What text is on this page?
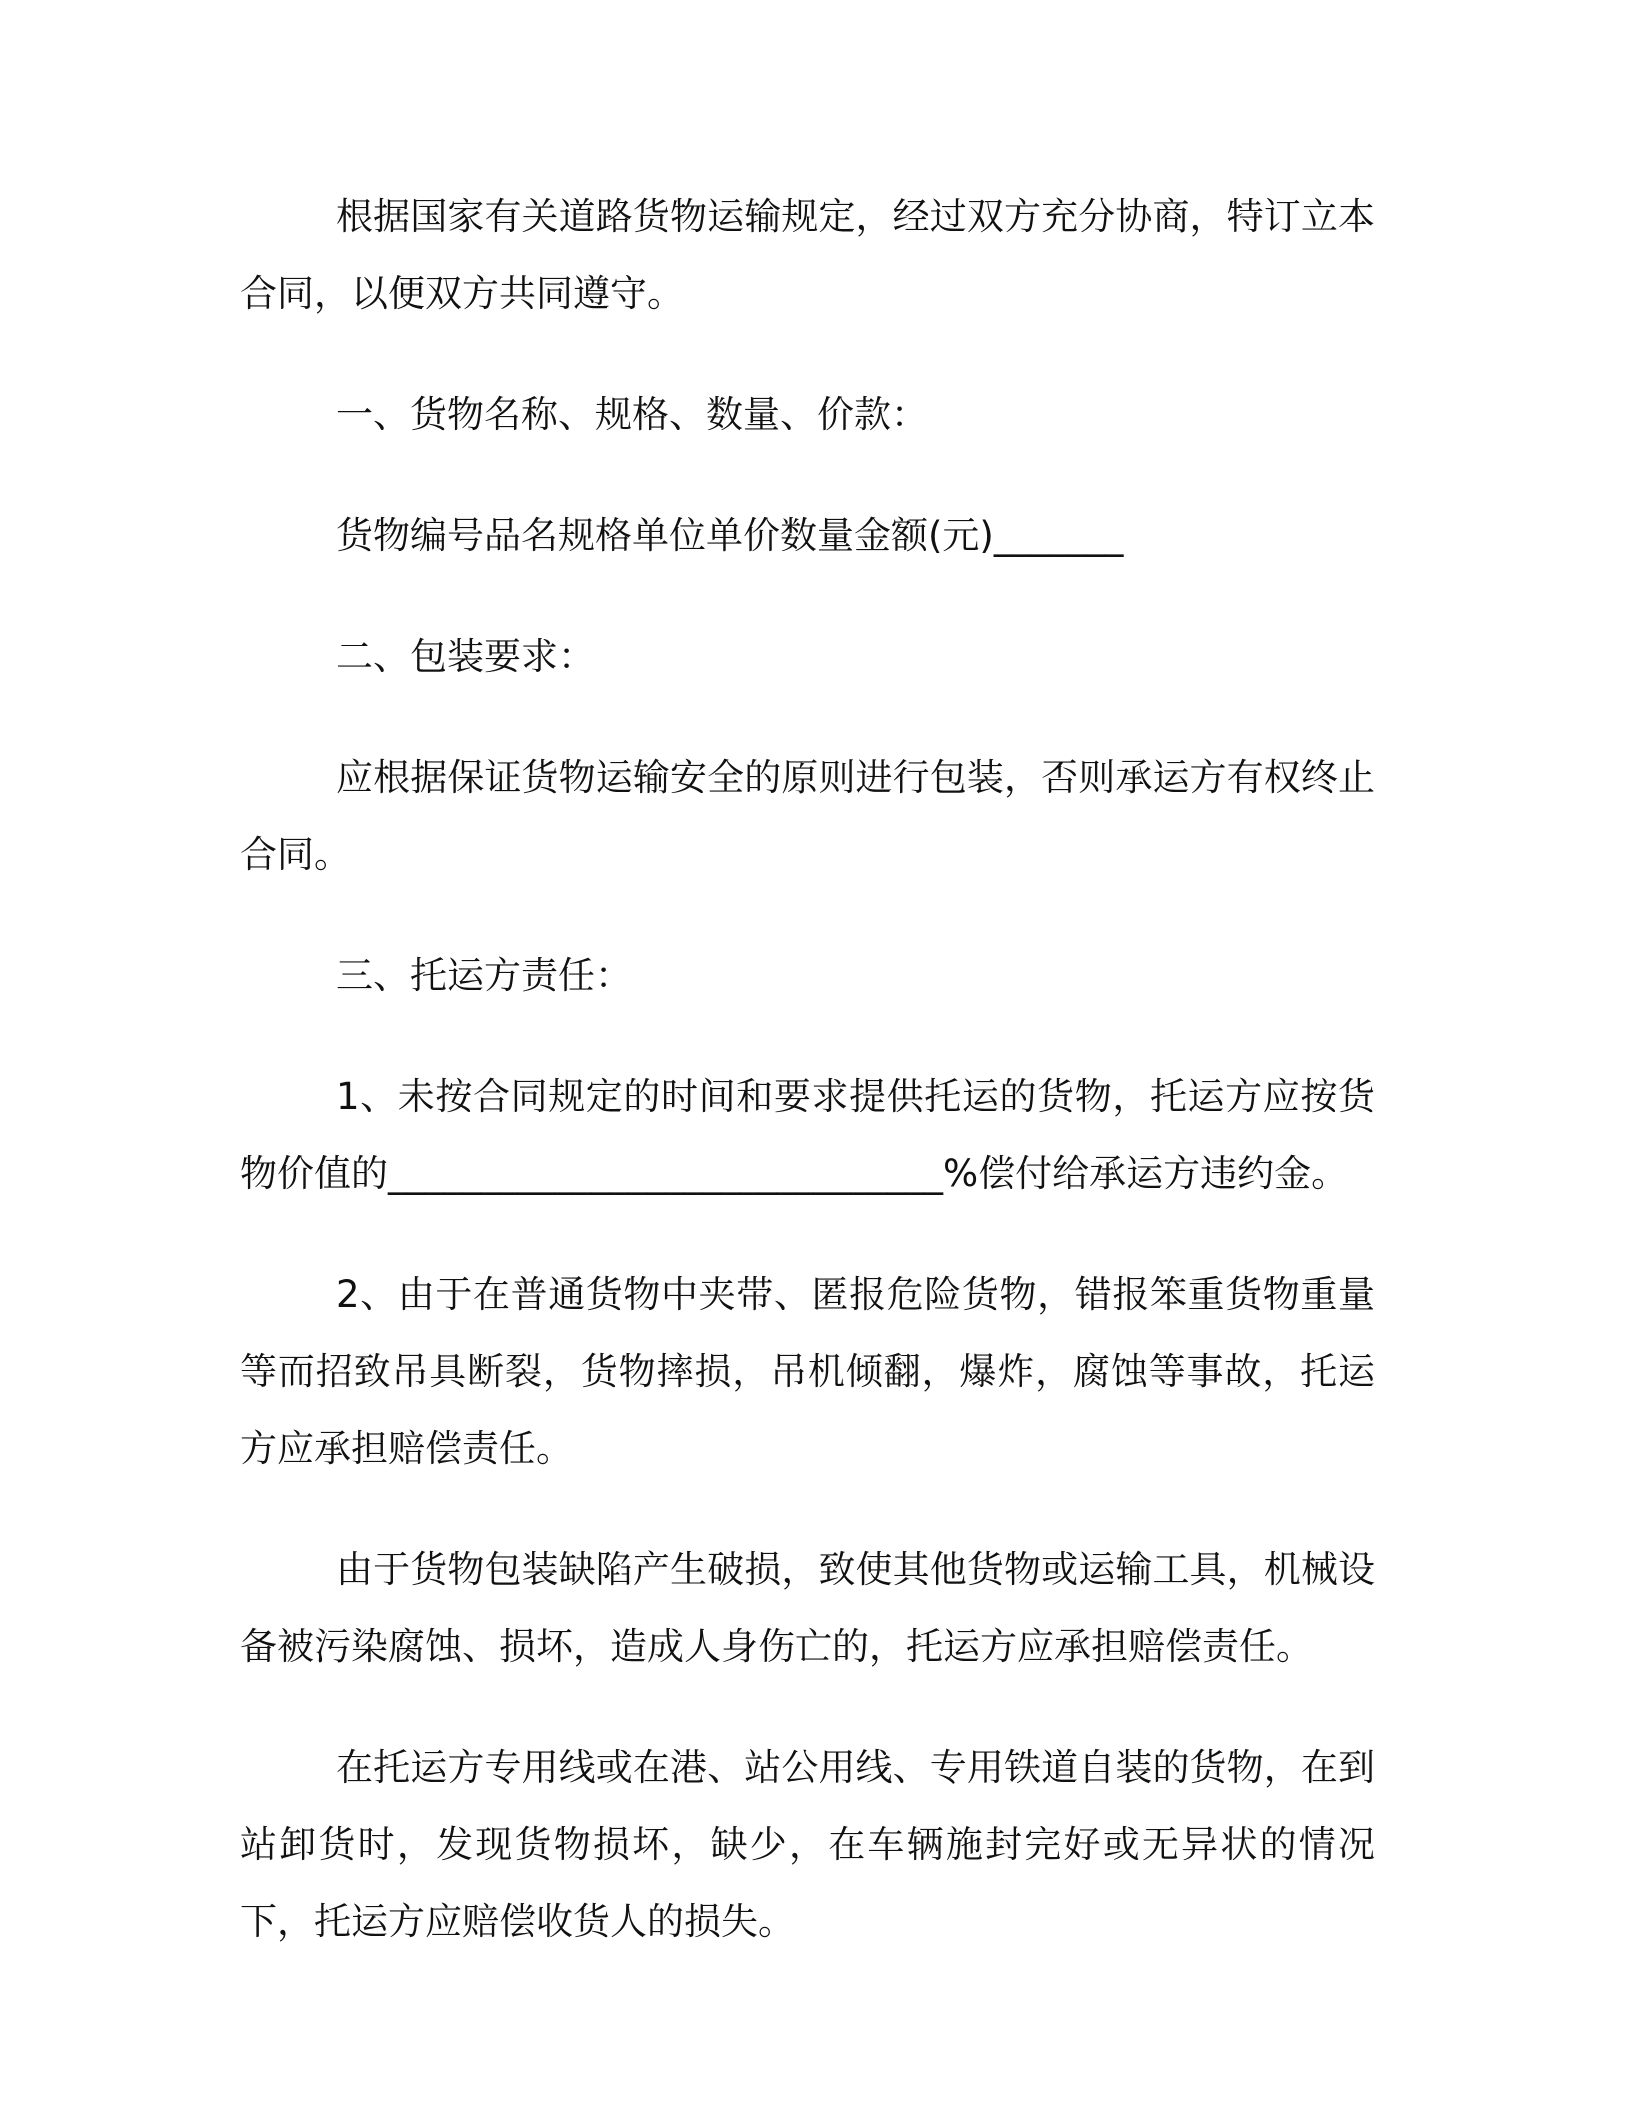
根据国家有关道路货物运输规定，经过双方充分协商，特订立本合同，以便双方共同遵守。

一、货物名称、规格、数量、价款：

货物编号品名规格单位单价数量金额(元)_______

二、包装要求：

应根据保证货物运输安全的原则进行包装，否则承运方有权终止合同。

三、托运方责任：

1、未按合同规定的时间和要求提供托运的货物，托运方应按货物价值的______________________________%偿付给承运方违约金。

2、由于在普通货物中夹带、匿报危险货物，错报笨重货物重量等而招致吊具断裂，货物摔损，吊机倾翻，爆炸，腐蚀等事故，托运方应承担赔偿责任。

由于货物包装缺陷产生破损，致使其他货物或运输工具，机械设备被污染腐蚀、损坏，造成人身伤亡的，托运方应承担赔偿责任。

在托运方专用线或在港、站公用线、专用铁道自装的货物，在到站卸货时，发现货物损坏，缺少，在车辆施封完好或无异状的情况下，托运方应赔偿收货人的损失。
